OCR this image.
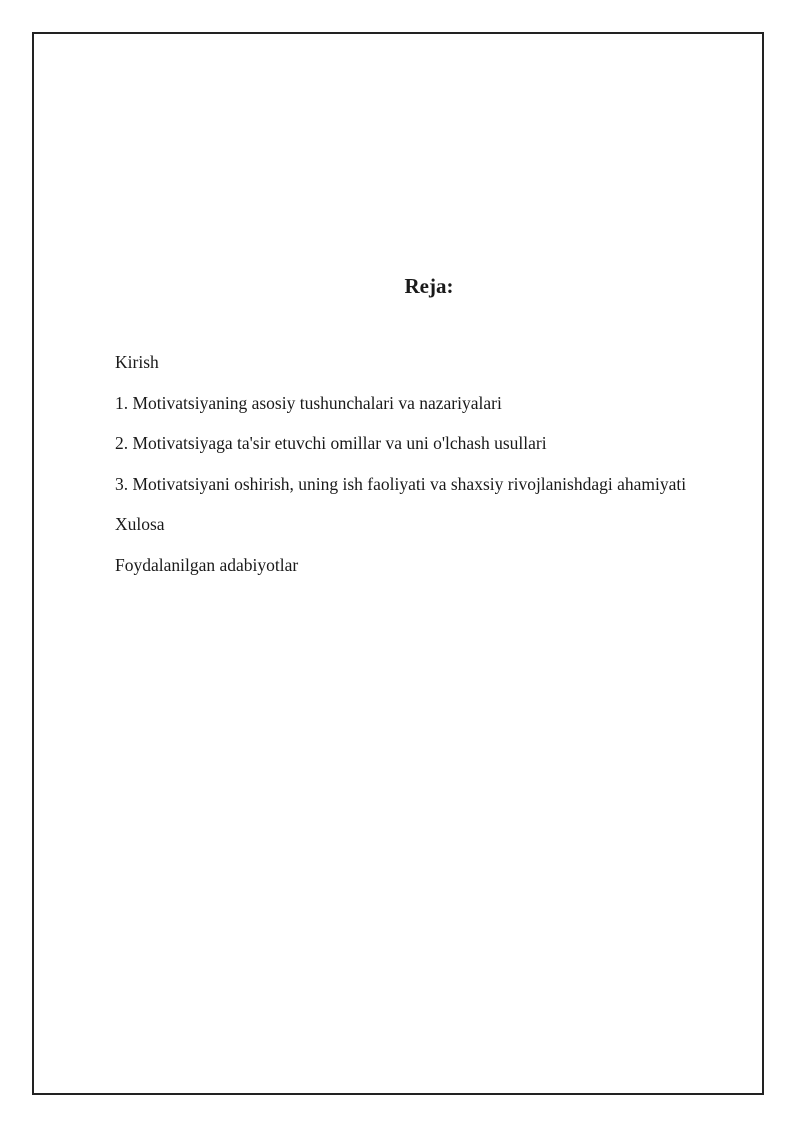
Reja:
Kirish
1. Motivatsiyaning asosiy tushunchalari va nazariyalari
2. Motivatsiyaga ta'sir etuvchi omillar va uni o'lchash usullari
3. Motivatsiyani oshirish, uning ish faoliyati va shaxsiy rivojlanishdagi ahamiyati
Xulosa
Foydalanilgan adabiyotlar
